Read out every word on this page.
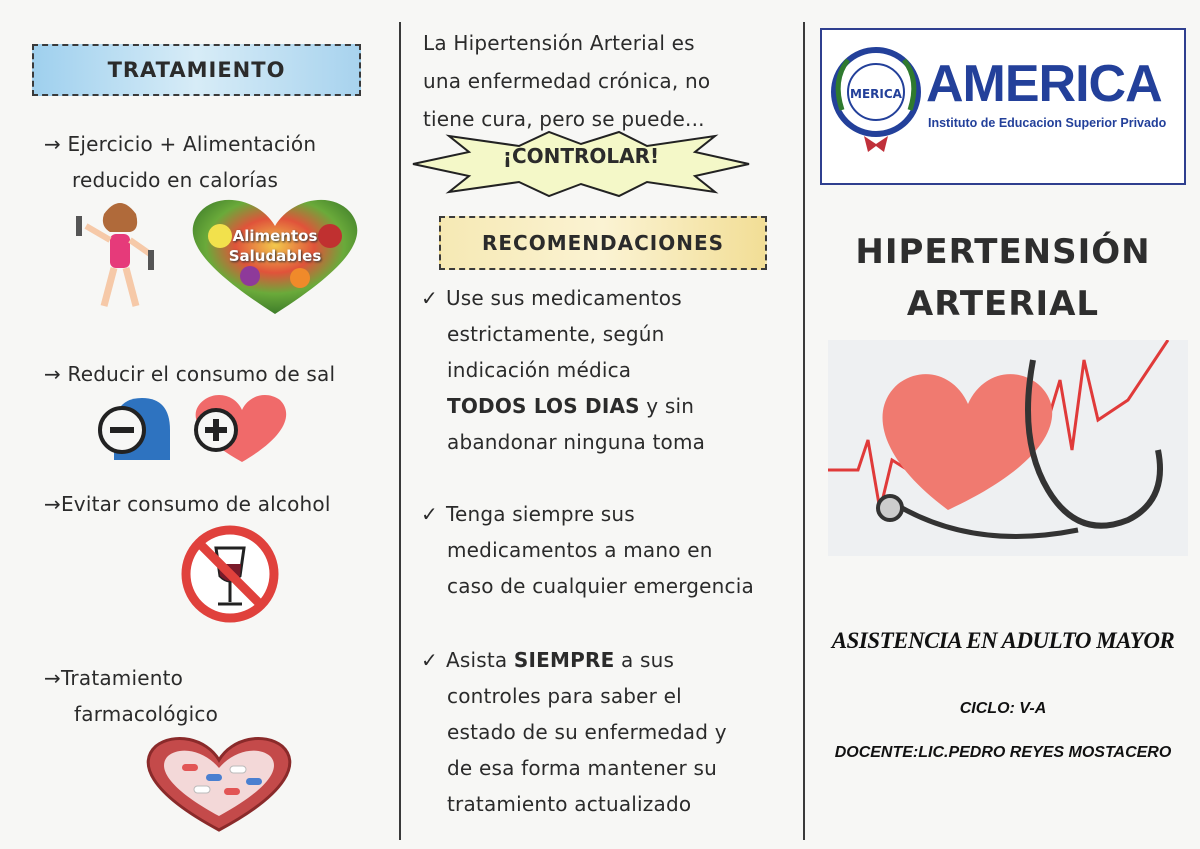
TRATAMIENTO
→ Ejercicio + Alimentación
reducido en calorías
Alimentos
Saludables
→ Reducir el consumo de sal
→Evitar consumo de alcohol
→Tratamiento
farmacológico
La Hipertensión Arterial es
una enfermedad crónica, no
tiene cura, pero se puede...
¡CONTROLAR!
RECOMENDACIONES
✓ Use sus medicamentos
estrictamente, según
indicación médica
TODOS LOS DIAS y sin
abandonar ninguna toma
✓ Tenga siempre sus
medicamentos a mano en
caso de cualquier emergencia
✓ Asista SIEMPRE a sus
controles para saber el
estado de su enfermedad y
de esa forma mantener su
tratamiento actualizado
MERICA AMERICA
Instituto de Educacion Superior Privado
HIPERTENSIÓN
ARTERIAL
ASISTENCIA EN ADULTO MAYOR
CICLO: V-A
DOCENTE:LIC.PEDRO REYES MOSTACERO
